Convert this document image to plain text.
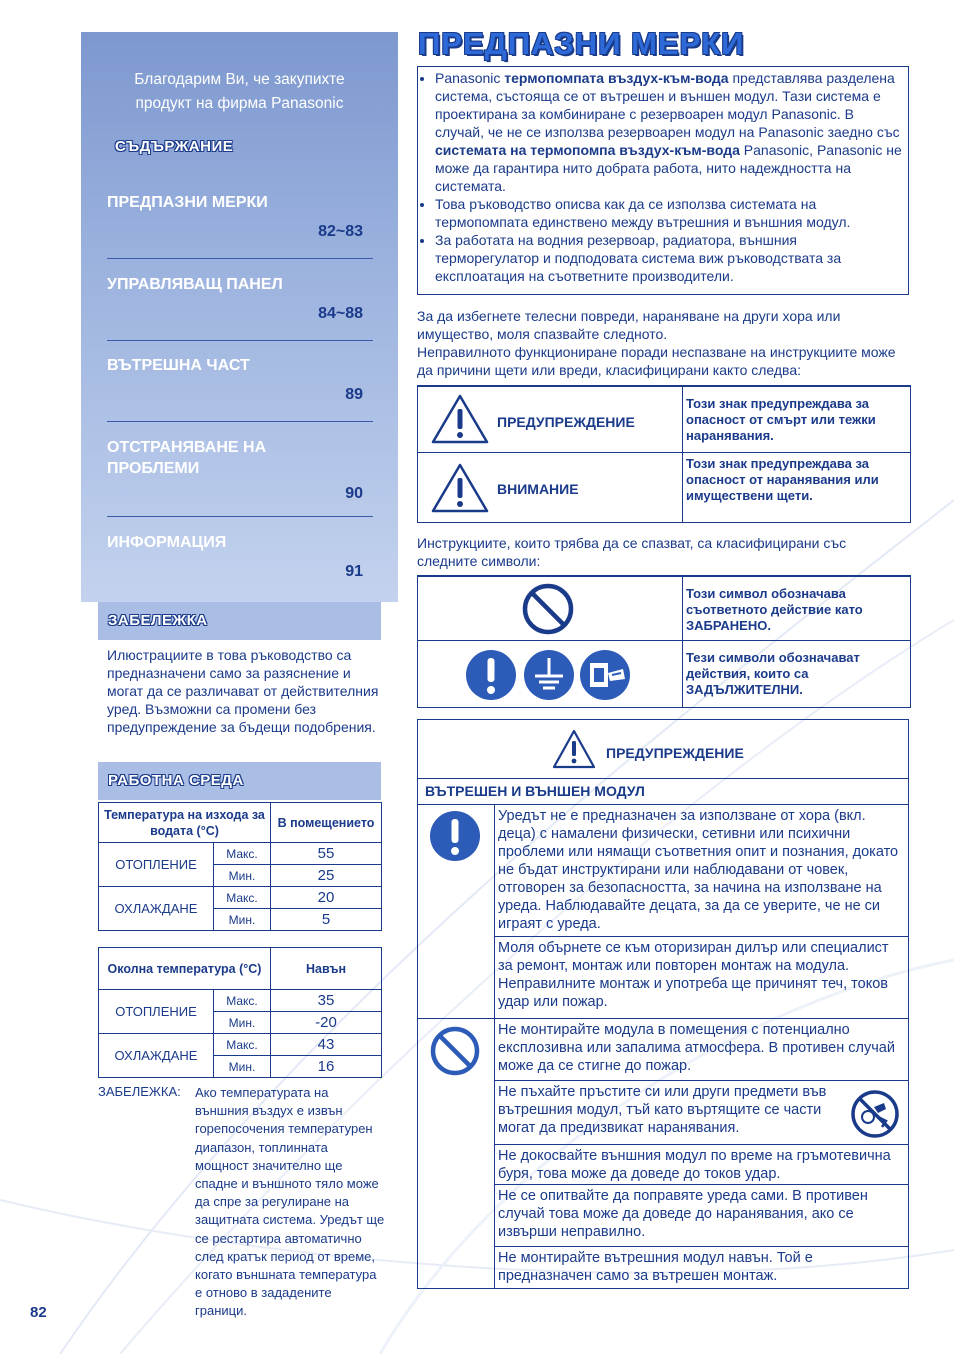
Благодарим Ви, че закупихте
продукт на фирма Panasonic
СЪДЪРЖАНИЕ
ПРЕДПАЗНИ МЕРКИ
82~83
УПРАВЛЯВАЩ ПАНЕЛ
84~88
ВЪТРЕШНА ЧАСТ
89
ОТСТРАНЯВАНЕ НА ПРОБЛЕМИ
90
ИНФОРМАЦИЯ
91
ЗАБЕЛЕЖКА
Илюстрациите в това ръководство са предназначени само за разяснение и могат да се различават от действителния уред. Възможни са промени без предупреждение за бъдещи подобрения.
РАБОТНА СРЕДА
Температура на изхода за водата (°C)		В помещението
ОТОПЛЕНИЕ	Макс.	55
	Мин.	25
ОХЛАЖДАНЕ	Макс.	20
	Мин.	5
Околна температура (°C)		Навън
ОТОПЛЕНИЕ	Макс.	35
	Мин.	-20
ОХЛАЖДАНЕ	Макс.	43
	Мин.	16
ЗАБЕЛЕЖКА: Ако температурата на външния въздух е извън горепосочения температурен диапазон, топлинната мощност значително ще спадне и външното тяло може да спре за регулиране на защитната система. Уредът ще се рестартира автоматично след кратък период от време, когато външната температура е отново в зададените граници.
82
ПРЕДПАЗНИ МЕРКИ
• Panasonic термопомпата въздух-към-вода представлява разделена система, състояща се от вътрешен и външен модул. Тази система е проектирана за комбиниране с резервоарен модул Panasonic. В случай, че не се използва резервоарен модул на Panasonic заедно със системата на термопомпа въздух-към-вода Panasonic, Panasonic не може да гарантира нито добрата работа, нито надеждността на системата.
• Това ръководство описва как да се използва системата на термопомпата единствено между вътрешния и външния модул.
• За работата на водния резервоар, радиатора, външния терморегулатор и подподовата система виж ръководствата за експлоатация на съответните производители.
За да избегнете телесни повреди, нараняване на други хора или имущество, моля спазвайте следното.
Неправилното функциониране поради неспазване на инструкциите може да причини щети или вреди, класифицирани както следва:
ПРЕДУПРЕЖДЕНИЕ
Този знак предупреждава за опасност от смърт или тежки наранявания.
ВНИМАНИЕ
Този знак предупреждава за опасност от наранявания или имуществени щети.
Инструкциите, които трябва да се спазват, са класифицирани със следните символи:
Този символ обозначава съответното действие като ЗАБРАНЕНО.
Тези символи обозначават действия, които са ЗАДЪЛЖИТЕЛНИ.
ПРЕДУПРЕЖДЕНИЕ
ВЪТРЕШЕН И ВЪНШЕН МОДУЛ
Уредът не е предназначен за използване от хора (вкл. деца) с намалени физически, сетивни или психични проблеми или нямащи съответния опит и познания, докато не бъдат инструктирани или наблюдавани от човек, отговорен за безопасността, за начина на използване на уреда. Наблюдавайте децата, за да се уверите, че не си играят с уреда.
Моля обърнете се към оторизиран дилър или специалист за ремонт, монтаж или повторен монтаж на модула. Неправилните монтаж и употреба ще причинят теч, токов удар или пожар.
Не монтирайте модула в помещения с потенциално експлозивна или запалима атмосфера. В противен случай може да се стигне до пожар.
Не пъхайте пръстите си или други предмети във вътрешния модул, тъй като въртящите се части могат да предизвикат наранявания.
Не докосвайте външния модул по време на гръмотевична буря, това може да доведе до токов удар.
Не се опитвайте да поправяте уреда сами. В противен случай това може да доведе до наранявания, ако се извърши неправилно.
Не монтирайте вътрешния модул навън. Той е предназначен само за вътрешен монтаж.
